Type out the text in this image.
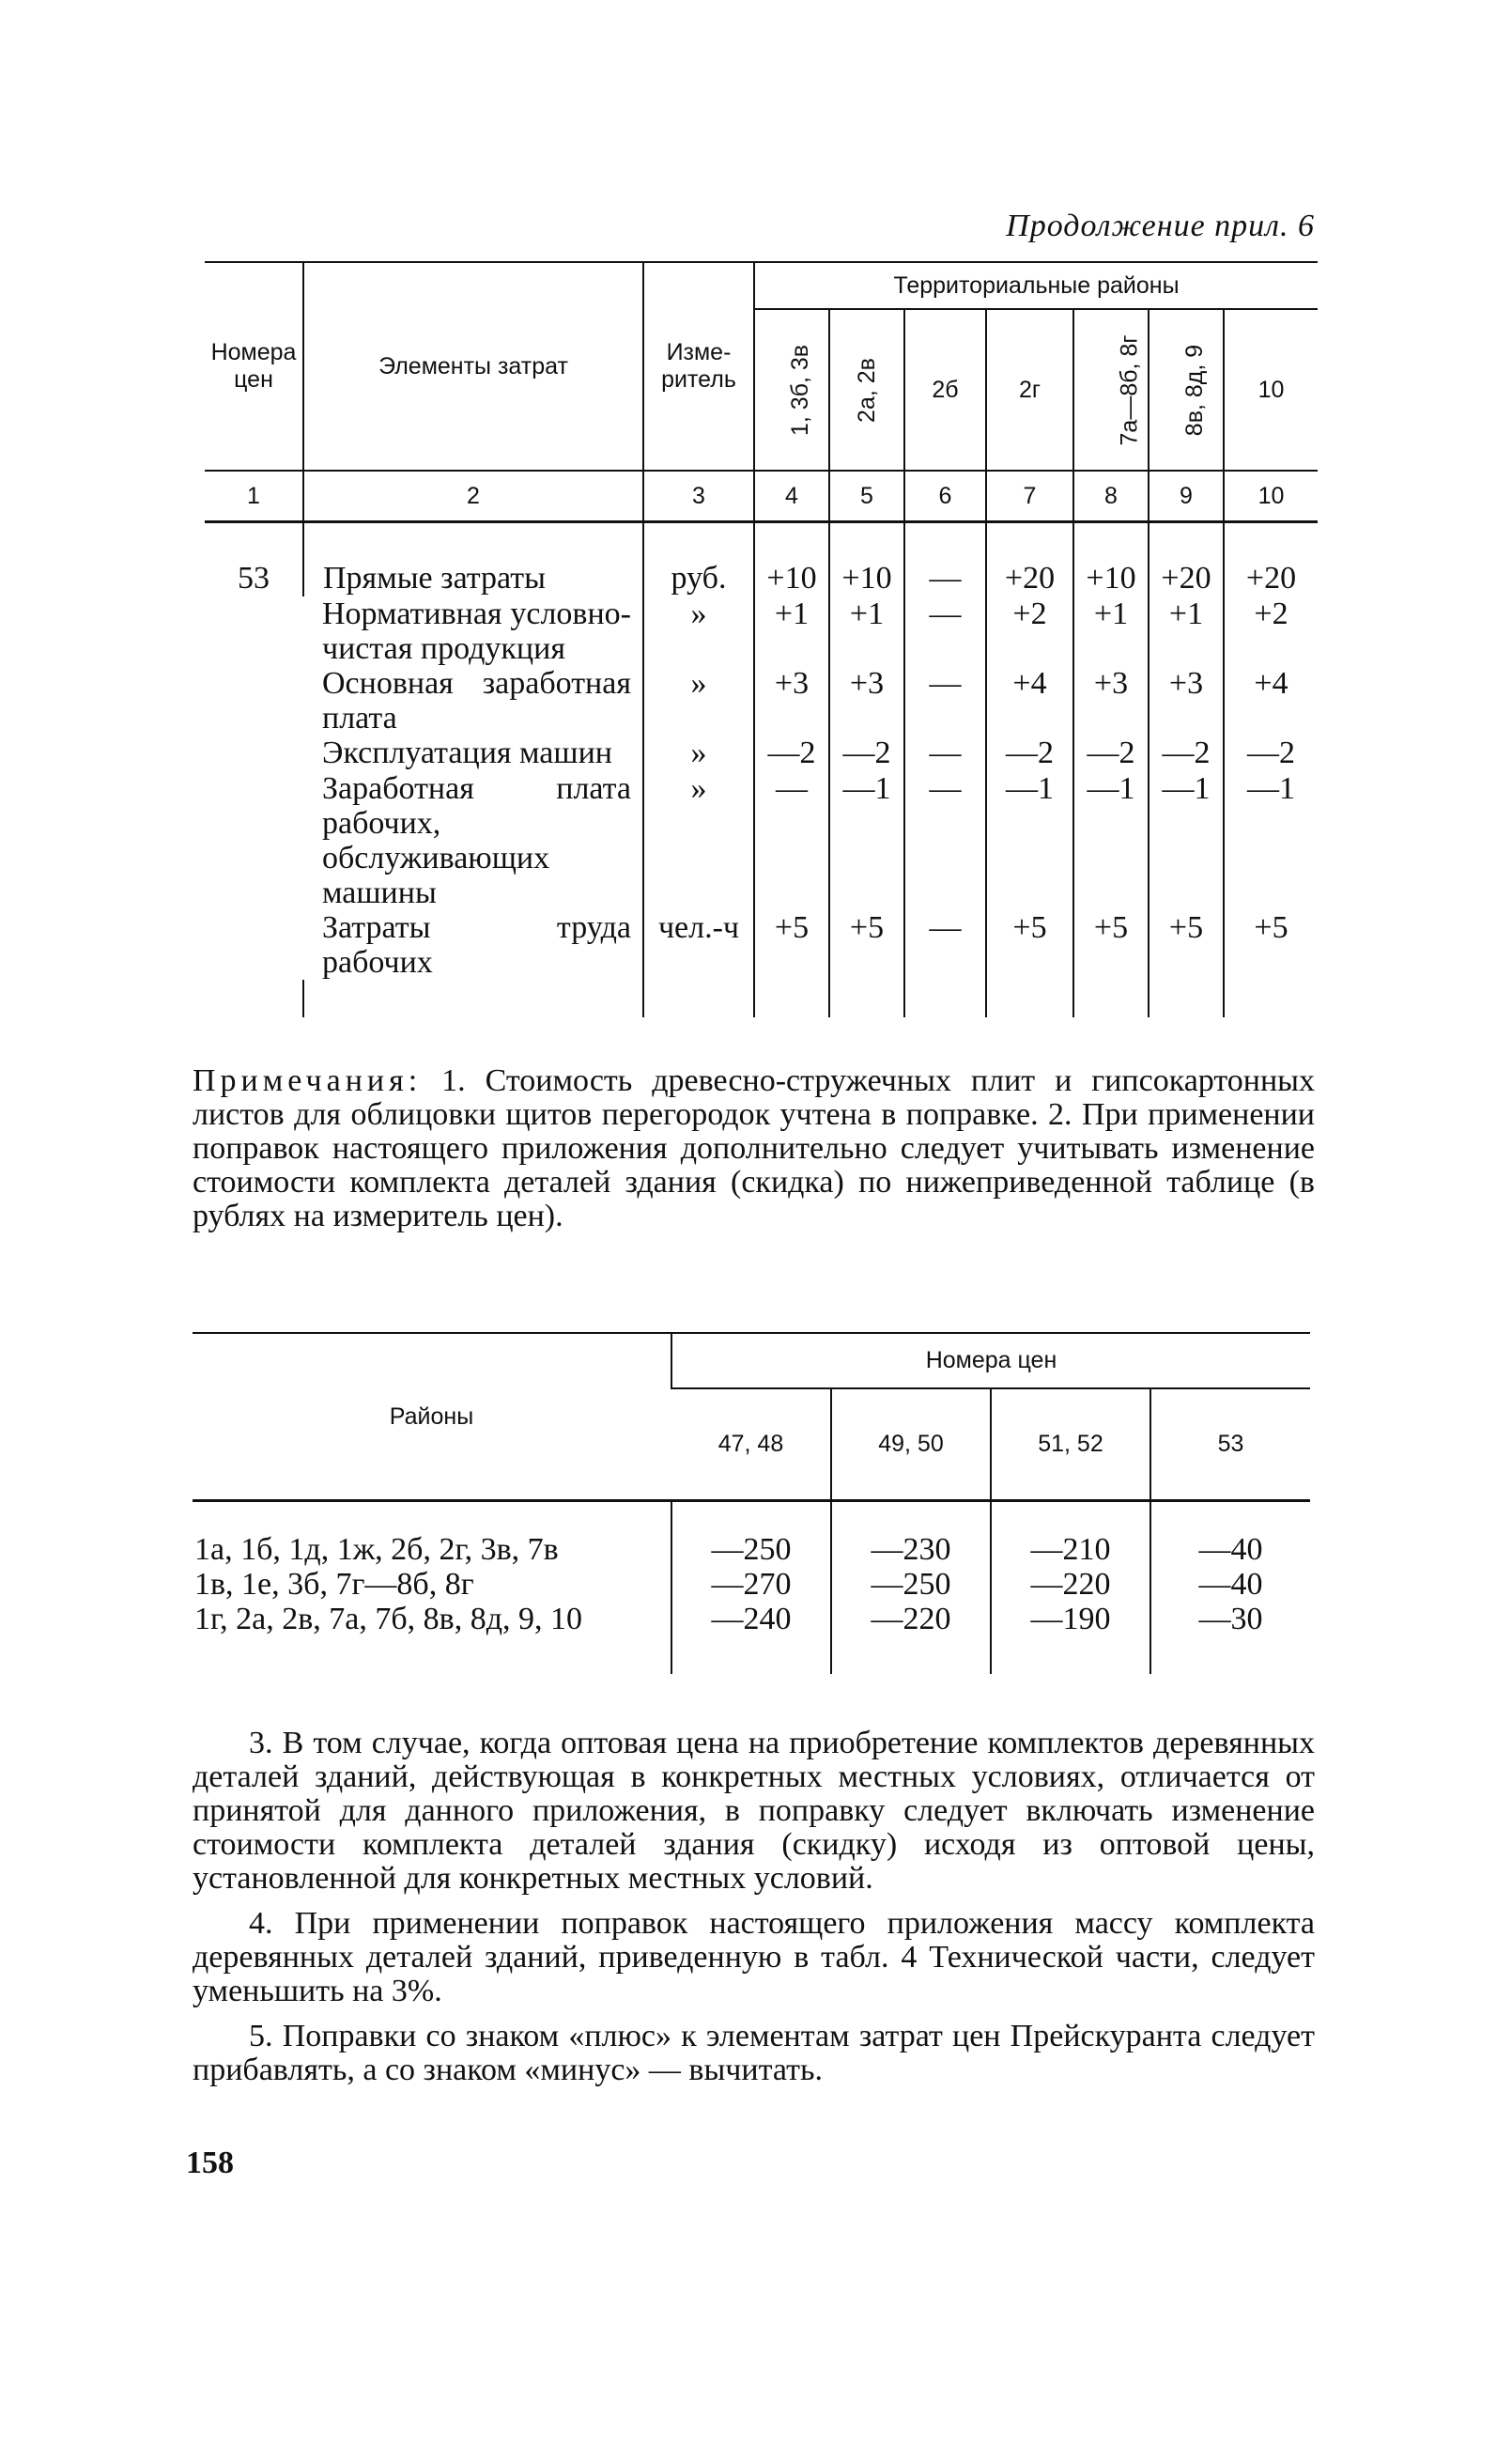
Продолжение прил. 6
Номера цен	Элементы затрат	Изме-ритель	Территориальные районы						
			1, 3б, 3в	2а, 2в	2б	2г	7а—8б, 8г	8в, 8д, 9	10
1	2	3	4	5	6	7	8	9	10

53	Прямые затраты	руб.	+10	+10	—	+20	+10	+20	+20
	Нормативная условно-чистая продукция	»	+1	+1	—	+2	+1	+1	+2
	Основная заработная плата	»	+3	+3	—	+4	+3	+3	+4
	Эксплуатация машин	»	—2	—2	—	—2	—2	—2	—2
	Заработная плата рабочих, обслуживающих машины	»	—	—1	—	—1	—1	—1	—1
	Затраты труда рабочих	чел.-ч	+5	+5	—	+5	+5	+5	+5

Примечания: 1. Стоимость древесно-стружечных плит и гипсокартонных листов для облицовки щитов перегородок учтена в поправке. 2. При применении поправок настоящего приложения дополнительно следует учитывать изменение стоимости комплекта деталей здания (скидка) по нижеприведенной таблице (в рублях на измеритель цен).
Районы	Номера цен			
	47, 48	49, 50	51, 52	53

1а, 1б, 1д, 1ж, 2б, 2г, 3в, 7в	—250	—230	—210	—40
1в, 1е, 3б, 7г—8б, 8г	—270	—250	—220	—40
1г, 2а, 2в, 7а, 7б, 8в, 8д, 9, 10	—240	—220	—190	—30

3. В том случае, когда оптовая цена на приобретение комплектов деревянных деталей зданий, действующая в конкретных местных условиях, отличается от принятой для данного приложения, в поправку следует включать изменение стоимости комплекта деталей здания (скидку) исходя из оптовой цены, установленной для конкретных местных условий.

4. При применении поправок настоящего приложения массу комплекта деревянных деталей зданий, приведенную в табл. 4 Технической части, следует уменьшить на 3%.

5. Поправки со знаком «плюс» к элементам затрат цен Прейскуранта следует прибавлять, а со знаком «минус» — вычитать.

158
